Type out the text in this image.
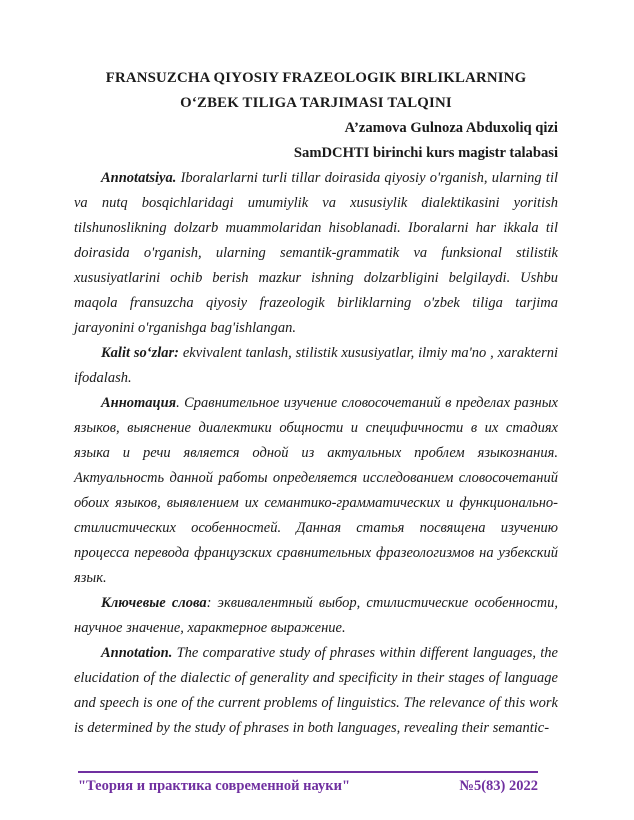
FRANSUZCHA QIYOSIY FRAZEOLOGIK BIRLIKLARNING
O‘ZBEK TILIGA TARJIMASI TALQINI
A’zamova Gulnoza Abduxoliq qizi
SamDCHTI birinchi kurs magistr talabasi

Annotatsiya. Iboralarlarni turli tillar doirasida qiyosiy o'rganish, ularning til va nutq bosqichlaridagi umumiylik va xususiylik dialektikasini yoritish tilshunoslikning dolzarb muammolaridan hisoblanadi. Iboralarni har ikkala til doirasida o'rganish, ularning semantik-grammatik va funksional stilistik xususiyatlarini ochib berish mazkur ishning dolzarbligini belgilaydi. Ushbu maqola fransuzcha qiyosiy frazeologik birliklarning o'zbek tiliga tarjima jarayonini o'rganishga bag'ishlangan.

Kalit so‘zlar: ekvivalent tanlash, stilistik xususiyatlar, ilmiy ma'no , xarakterni ifodalash.

Аннотация. Сравнительное изучение словосочетаний в пределах разных языков, выяснение диалектики общности и специфичности в их стадиях языка и речи является одной из актуальных проблем языкознания. Актуальность данной работы определяется исследованием словосочетаний обоих языков, выявлением их семантико-грамматических и функционально-стилистических особенностей. Данная статья посвящена изучению процесса перевода французских сравнительных фразеологизмов на узбекский язык.

Ключевые слова: эквивалентный выбор, стилистические особенности, научное значение, характерное выражение.

Annotation. The comparative study of phrases within different languages, the elucidation of the dialectic of generality and specificity in their stages of language and speech is one of the current problems of linguistics. The relevance of this work is determined by the study of phrases in both languages, revealing their semantic-

"Теория и практика современной науки"	№5(83) 2022
